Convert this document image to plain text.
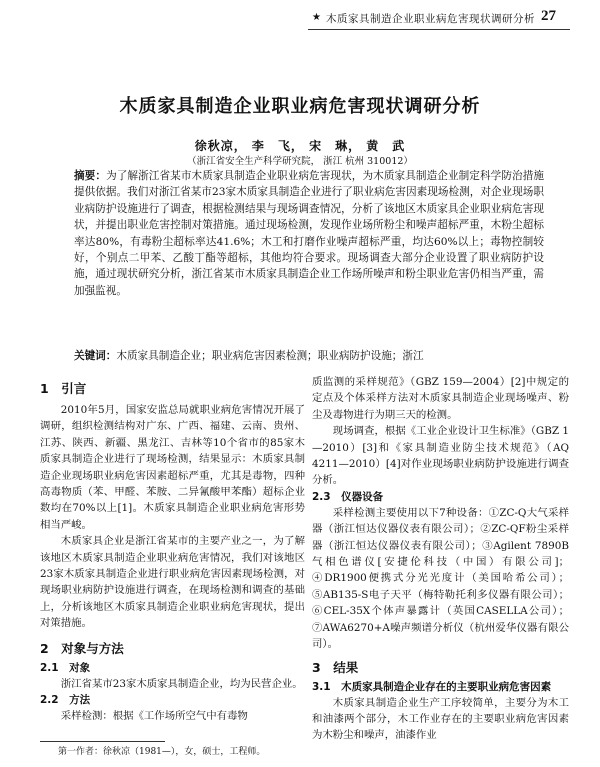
★ 木质家具制造企业职业病危害现状调研分析 27
木质家具制造企业职业病危害现状调研分析
徐秋凉， 李　飞， 宋　琳， 黄　武
（浙江省安全生产科学研究院， 浙江 杭州 310012）
摘要：为了解浙江省某市木质家具制造企业职业病危害现状，为木质家具制造企业制定科学防治措施提供依据。我们对浙江省某市23家木质家具制造企业进行了职业病危害因素现场检测，对企业现场职业病防护设施进行了调查，根据检测结果与现场调查情况，分析了该地区木质家具企业职业病危害现状，并提出职业危害控制对策措施。通过现场检测，发现作业场所粉尘和噪声超标严重，木粉尘超标率达80%，有毒粉尘超标率达41.6%；木工和打磨作业噪声超标严重，均达60%以上；毒物控制较好，个别点二甲苯、乙酸丁酯等超标，其他均符合要求。现场调查大部分企业设置了职业病防护设施，通过现状研究分析，浙江省某市木质家具制造企业工作场所噪声和粉尘职业危害仍相当严重，需加强监视。
关键词：木质家具制造企业；职业病危害因素检测；职业病防护设施；浙江
1　引言

2010年5月，国家安监总局就职业病危害情况开展了调研，组织检测结构对广东、广西、福建、云南、贵州、江苏、陕西、新疆、黑龙江、吉林等10个省市的85家木质家具制造企业进行了现场检测，结果显示：木质家具制造企业现场职业病危害因素超标严重，尤其是毒物，四种高毒物质（苯、甲醛、苯胺、二异氰酸甲苯酯）超标企业数均在70%以上[1]。木质家具制造企业职业病危害形势相当严峻。

木质家具企业是浙江省某市的主要产业之一，为了解该地区木质家具制造企业职业病危害情况，我们对该地区23家木质家具制造企业进行职业病危害因素现场检测，对现场职业病防护设施进行调查，在现场检测和调查的基础上，分析该地区木质家具制造企业职业病危害现状，提出对策措施。

2　对象与方法
2.1　 对象

浙江省某市23家木质家具制造企业，均为民营企业。

2.2　 方法

采样检测：根据《工作场所空气中有毒物

质监测的采样规范》（GBZ 159—2004）[2]中规定的定点及个体采样方法对木质家具制造企业现场噪声、粉尘及毒物进行为期三天的检测。

现场调查，根据《工业企业设计卫生标准》（GBZ 1—2010）[3]和《家具制造业防尘技术规范》（AQ 4211—2010）[4]对作业现场职业病防护设施进行调查分析。

2.3　 仪器设备

采样检测主要使用以下7种设备：①ZC-Q大气采样器（浙江恒达仪器仪表有限公司）；②ZC-QF粉尘采样器（浙江恒达仪器仪表有限公司）；③Agilent 7890B气相色谱仪[安捷伦科技（中国）有限公司]；④DR1900便携式分光光度计（美国哈希公司）；⑤AB135-S电子天平（梅特勒托利多仪器有限公司）；⑥CEL-35X个体声暴露计（英国CASELLA公司）；⑦AWA6270+A噪声频谱分析仪（杭州爱华仪器有限公司）。

3　结果
3.1　 木质家具制造企业存在的主要职业病危害因素

木质家具制造企业生产工序较简单，主要分为木工和油漆两个部分，木工作业存在的主要职业病危害因素为木粉尘和噪声，油漆作业

第一作者：徐秋凉（1981—），女，硕士，工程师。
